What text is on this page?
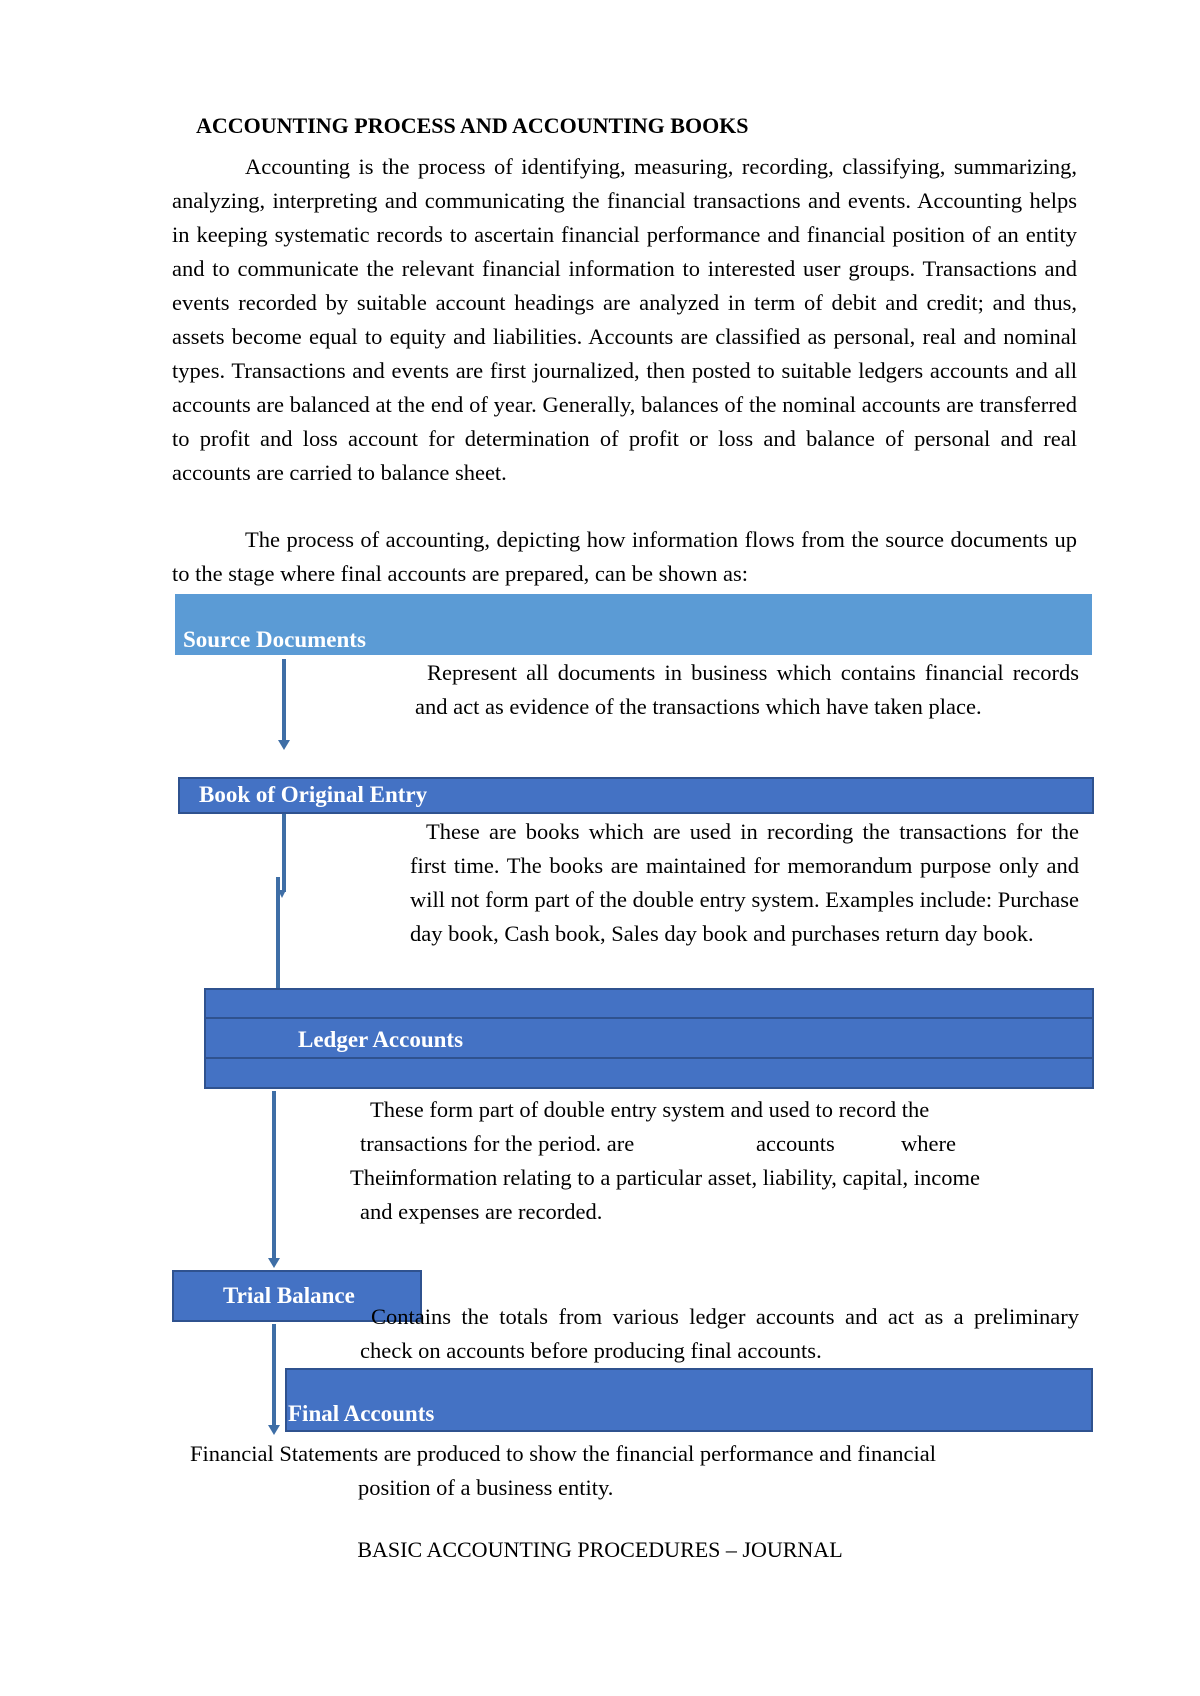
ACCOUNTING PROCESS AND ACCOUNTING BOOKS
Accounting is the process of identifying, measuring, recording, classifying, summarizing, analyzing, interpreting and communicating the financial transactions and events. Accounting helps in keeping systematic records to ascertain financial performance and financial position of an entity and to communicate the relevant financial information to interested user groups. Transactions and events recorded by suitable account headings are analyzed in term of debit and credit; and thus, assets become equal to equity and liabilities. Accounts are classified as personal, real and nominal types. Transactions and events are first journalized, then posted to suitable ledgers accounts and all accounts are balanced at the end of year. Generally, balances of the nominal accounts are transferred to profit and loss account for determination of profit or loss and balance of personal and real accounts are carried to balance sheet.
The process of accounting, depicting how information flows from the source documents up to the stage where final accounts are prepared, can be shown as:
Source Documents
Represent all documents in business which contains financial records and act as evidence of the transactions which have taken place.
Book of Original Entry
These are books which are used in recording the transactions for the first time. The books are maintained for memorandum purpose only and will not form part of the double entry system. Examples include: Purchase day book, Cash book, Sales day book and purchases return day book.
Ledger Accounts
These form part of double entry system and used to record the
transactions for the period. are	accounts	where
Their
information relating to a particular asset, liability, capital, income
and expenses are recorded.
Trial Balance
Contains the totals from various ledger accounts and act as a preliminary check on accounts before producing final accounts.
Final Accounts
Financial Statements are produced to show the financial performance and financial
position of a business entity.
BASIC ACCOUNTING PROCEDURES – JOURNAL
